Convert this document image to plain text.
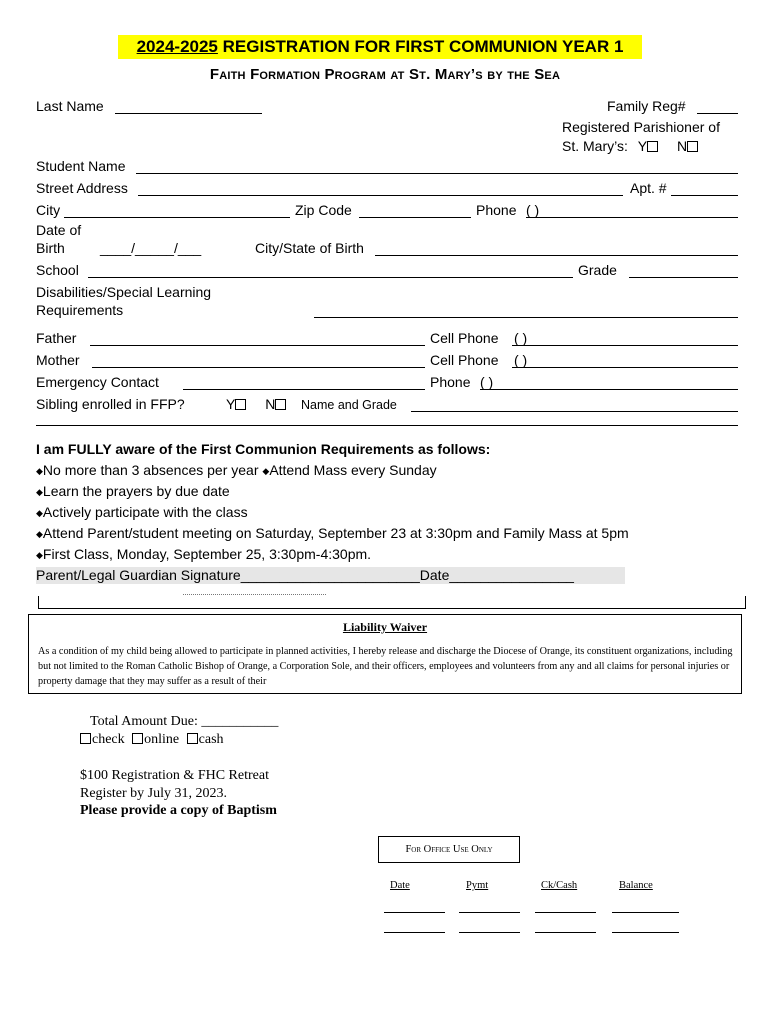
2024-2025 REGISTRATION FOR FIRST COMMUNION YEAR 1
Faith Formation Program at St. Mary’s by the Sea
Last Name	Family Reg#
Registered Parishioner of
St. Mary’s: Y N
Student Name
Street Address	Apt. #
City	Zip Code	Phone ( )
Date of
Birth	____/_____/___	City/State of Birth
School	Grade
Disabilities/Special Learning
Requirements
Father	Cell Phone ( )
Mother	Cell Phone ( )
Emergency Contact	Phone ( )
Sibling enrolled in FFP?	Y N	Name and Grade
I am FULLY aware of the First Communion Requirements as follows:
◆No more than 3 absences per year ◆Attend Mass every Sunday
◆Learn the prayers by due date
◆Actively participate with the class
◆Attend Parent/student meeting on Saturday, September 23 at 3:30pm and Family Mass at 5pm
◆First Class, Monday, September 25, 3:30pm-4:30pm.
Parent/Legal Guardian Signature_______________________Date________________
Liability Waiver
As a condition of my child being allowed to participate in planned activities, I hereby release and discharge the Diocese of Orange, its constituent organizations, including but not limited to the Roman Catholic Bishop of Orange, a Corporation Sole, and their officers, employees and volunteers from any and all claims for personal injuries or property damage that they may suffer as a result of their
Total Amount Due: ___________
check online cash
$100 Registration & FHC Retreat
Register by July 31, 2023.
Please provide a copy of Baptism
For Office Use Only
Date	Pymt	Ck/Cash	Balance
